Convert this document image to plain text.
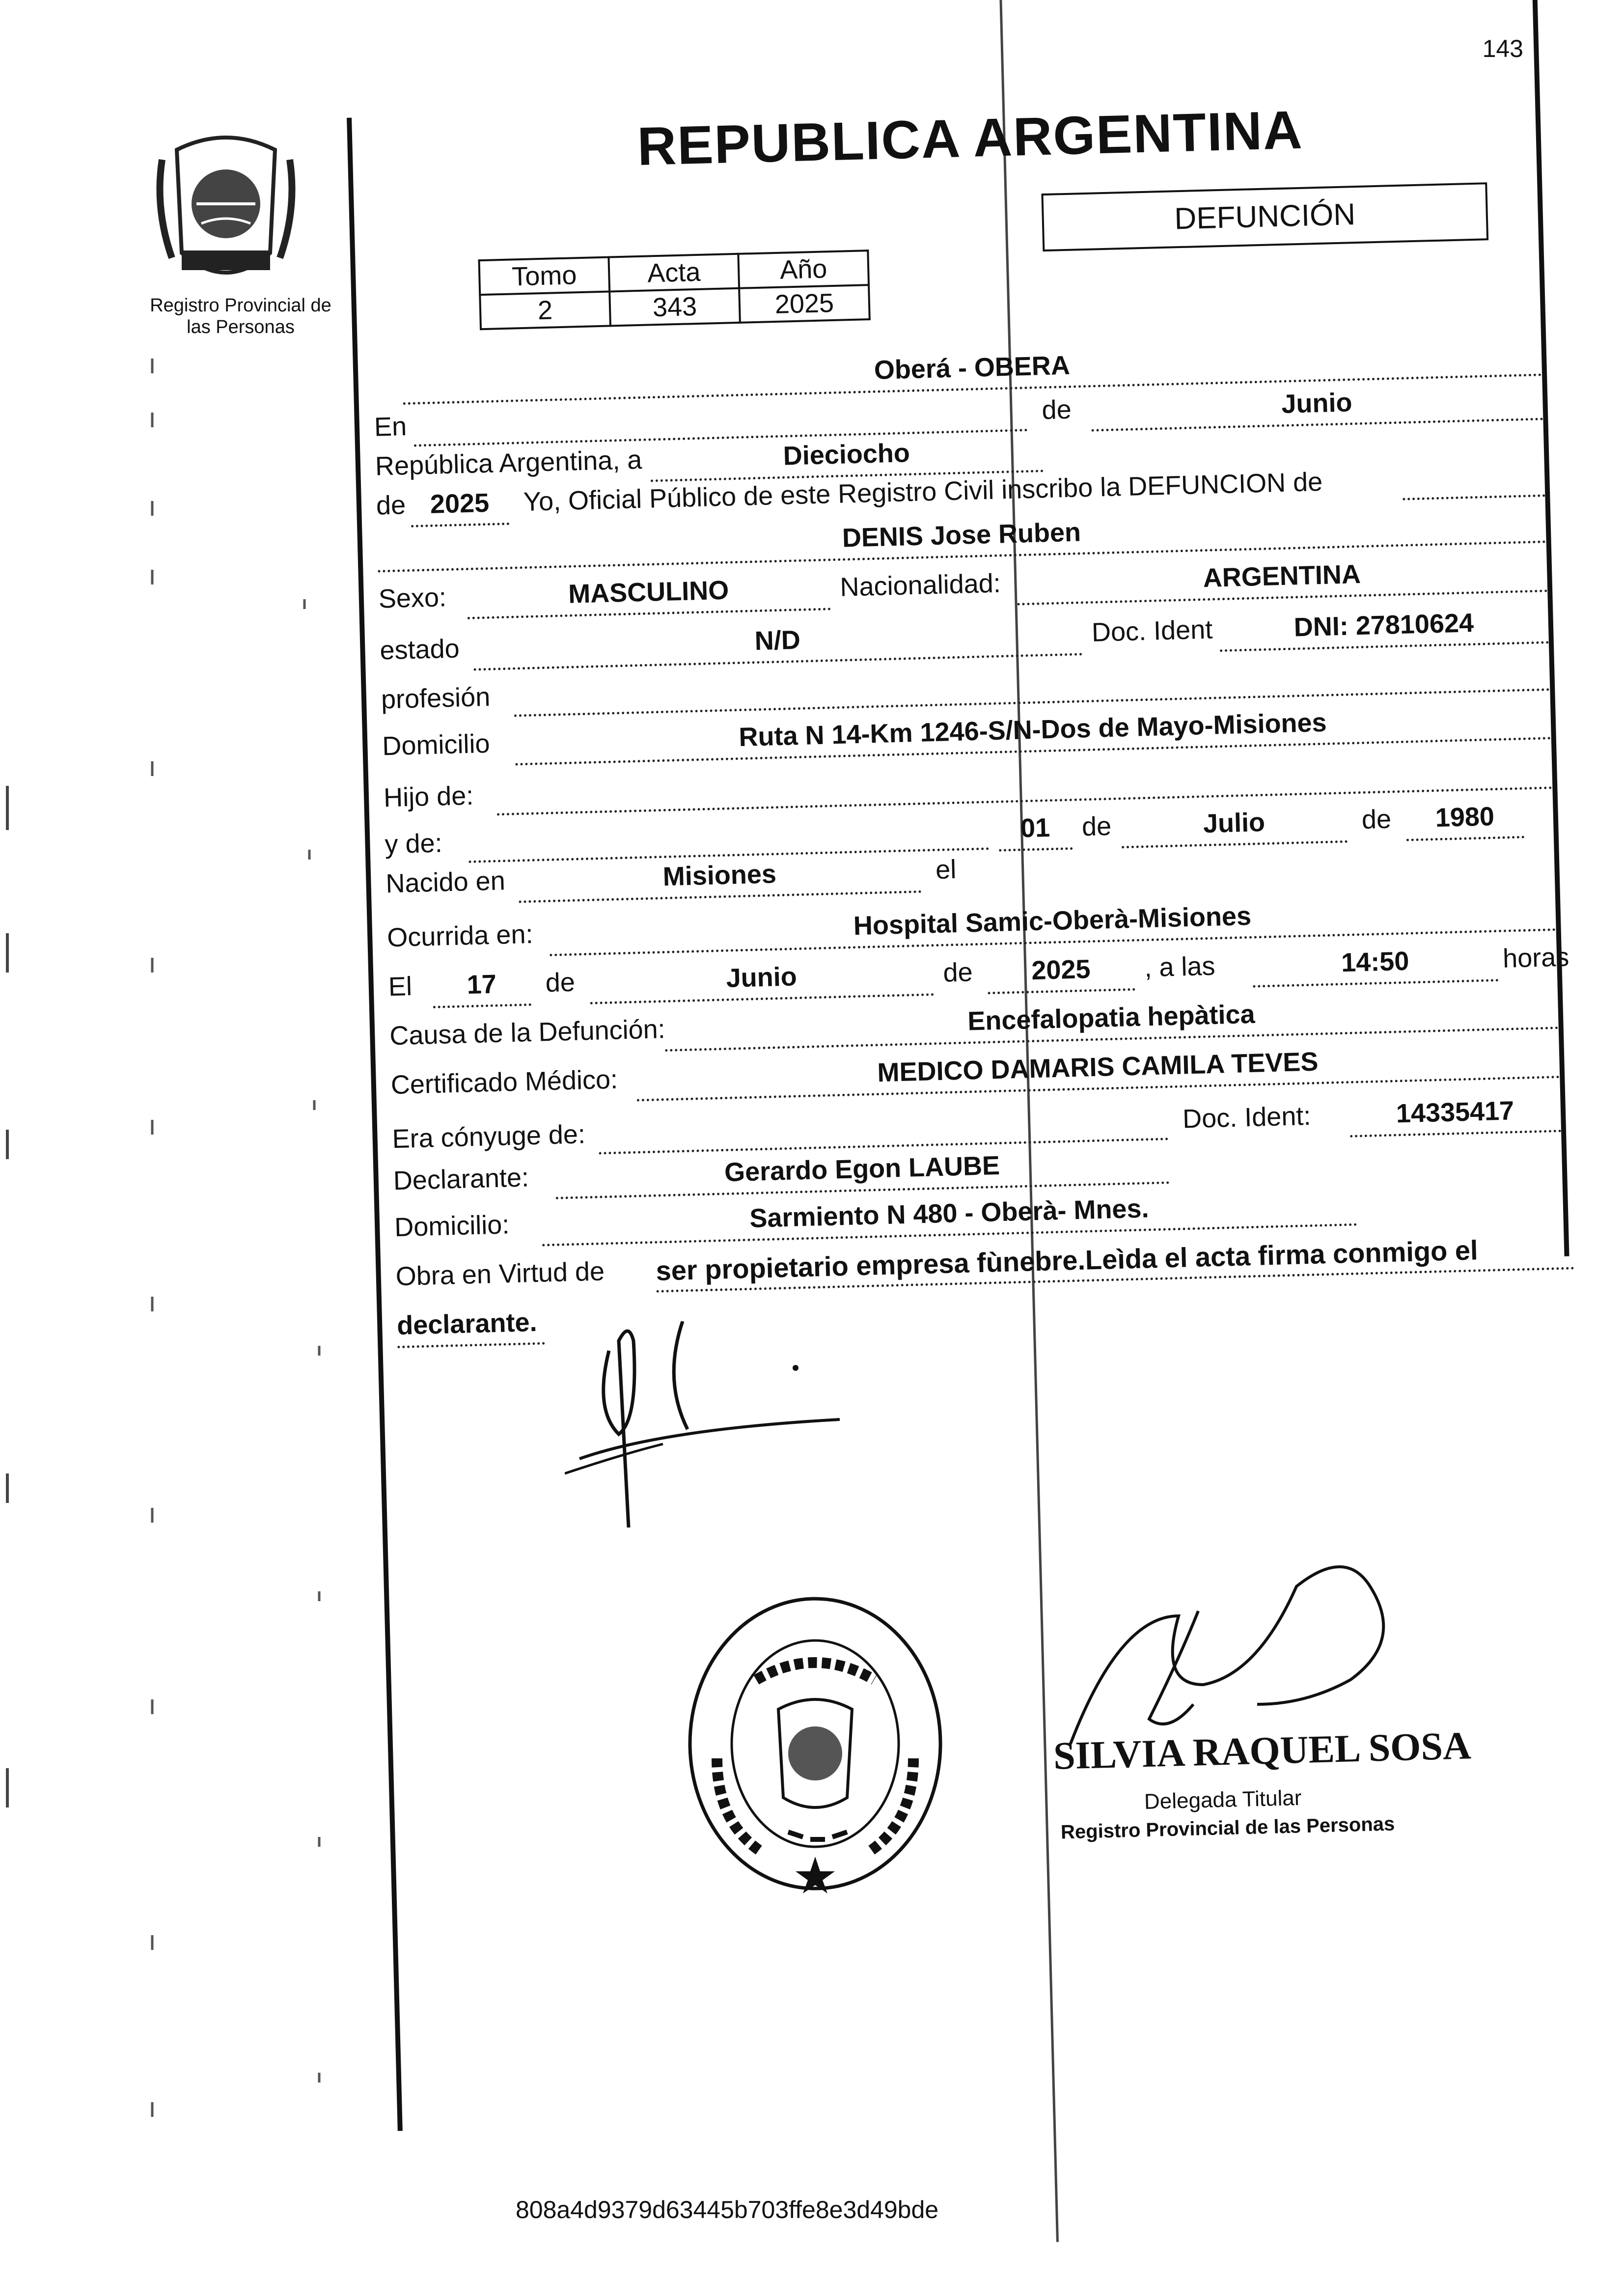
143
Registro Provincial de
las Personas
REPUBLICA ARGENTINA
Tomo	Acta	Año
2	343	2025
DEFUNCIÓN
Oberá - OBERA
En
de	Junio
República Argentina, a	Dieciocho
de 2025	Yo, Oficial Público de este Registro Civil inscribo la DEFUNCION de
DENIS Jose Ruben
Sexo:	MASCULINO	Nacionalidad:	ARGENTINA
estado	N/D	Doc. Ident	DNI: 27810624
profesión
Domicilio	Ruta N 14-Km 1246-S/N-Dos de Mayo-Misiones
Hijo de:
y de:
01	de	Julio	de	1980
Nacido en	Misiones	el
Ocurrida en:	Hospital Samic-Oberà-Misiones
El	17	de	Junio	de	2025	, a las	14:50	horas
Causa de la Defunción:	Encefalopatia hepàtica
Certificado Médico:	MEDICO DAMARIS CAMILA TEVES
Era cónyuge de:
Doc. Ident:	14335417
Declarante:	Gerardo Egon LAUBE
Domicilio:	Sarmiento N 480 - Oberà- Mnes.
Obra en Virtud de ser propietario empresa fùnebre.Leìda el acta firma conmigo el
declarante.
SILVIA RAQUEL SOSA
Delegada Titular
Registro Provincial de las Personas
808a4d9379d63445b703ffe8e3d49bde
